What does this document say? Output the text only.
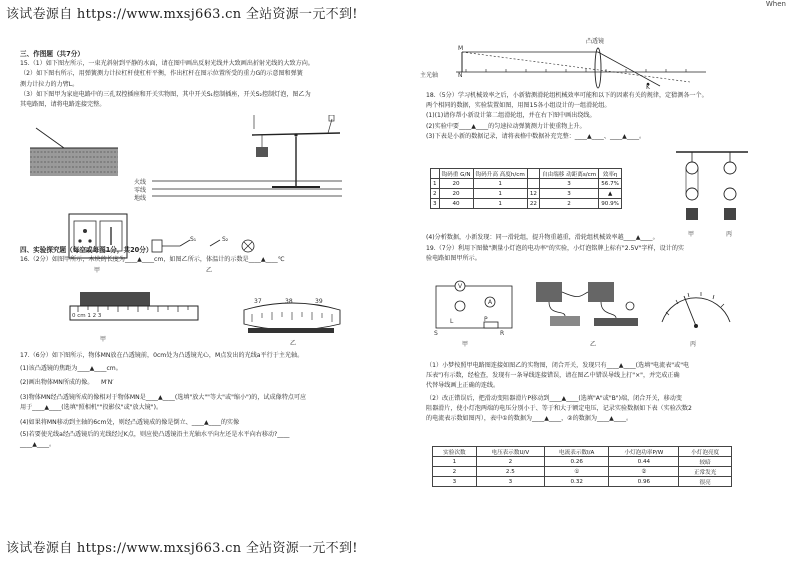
该试卷源自 https://www.mxsj663.cn 全站资源一元不到!
该试卷源自 https://www.mxsj663.cn 全站资源一元不到!
When

三、作图题（共7分）

15.（1）如下图左所示，一束光斜射到平静的水面，请在图中画出反射光线并大致画出折射光线的大致方向。

（2）如下图右所示，用弹簧测力计拉杠杆使杠杆平衡，作出杠杆在图示位置所受的重力G的示意图和弹簧

测力计拉力的力臂L。

（3）如下图甲为家庭电路中的三孔双控插座和开关实物图，其中开关S₁控制插座，开关S₂控制灯泡，图乙为

其电路图，请将电路连接完整。

火线
零线
地线
S₁	S₂
甲	乙

四、实验探究题（每空或每图1分，共20分）

16.（2分）如图甲所示，木块的长度为____▲____cm，如图乙所示，体温计的示数是____▲____℃

0 cm 1 2 3
甲
37	38	39
乙

17.（6分）如下图所示，物体MN放在凸透镜前，0cm处为凸透镜光心，M点发出的光线a平行于主光轴。

(1)该凸透镜的焦距为____▲____cm。

(2)画出物体MN所成的像。 M′N′

(3)物体MN经凸透镜所成的像相对于物体MN是____▲____(选填"放大""等大"或"缩小")的，试成像特点可应

用于____▲____(选填"照相机""投影仪"或"放大镜")。

(4)如果将MN移动到主轴的6cm处，则经凸透镜成的像是倒立、____▲____的实像

(5)若要使光线a经凸透镜后的光线经过K点，则应使凸透镜沿主光轴水平向左还是水平向右移动?____

____▲____。

M
N
凸透镜
主光轴
K

18.（5分）学习机械效率之后，小新猜测滑轮组机械效率可能和以下的因素有关的规律，定猜测各一个。

两个相同的数据，实验装置如图，用图15各小组设计的一组滑轮组。

(1)(1)请你帮小新设计第二组滑轮组，并在右下图中画出绕线。

(2)实验中要____▲____的匀速拉动弹簧测力计使重物上升。

(3)下表是小新的数据记录，请将表格中数据补充完整：____▲____、____▲____。

	钩码重 G/N	钩码升高 高度h/cm		自由端移 动距离s/cm	效率η
1	20	1		3	56.7%
2	20	1	12	3	▲
3	40	1	22	2	90.9%
甲	丙

(4)分析数据，小新发现：同一滑轮组，提升物重越重，滑轮组机械效率越____▲____。

19.（7分）利用下图做"测量小灯泡的电功率"的实验，小灯泡铭牌上标有"2.5V"字样，设计的实

验电路如图甲所示。

V
A
L
S
P
R
甲	乙	丙

（1）小梦按照甲电路图连接如图乙的实物图，闭合开关，发现只有____▲____(选填"电流表"或"电

压表")有示数，经检查，发现有一条导线连接错误，请在图乙中错误导线上打"×"，并完成正确

代替导线画上正确的连线。

（2）改正错误后，把滑动变阻器滑片P移动到____▲____(选填"A"或"B")端，闭合开关，移动变

阻器滑片，使小灯泡两端的电压分别小于、等于和大于额定电压，记录实验数据如下表（实验次数2

的电流表示数如图丙），表中①的数据为____▲____，②的数据为____▲____。

实验次数	电压表示数U/V	电流表示数I/A	小灯泡功率P/W	小灯泡亮度
1	2	0.26	0.44	较暗
2	2.5	①	②	正常发光
3	3	0.32	0.96	很亮
